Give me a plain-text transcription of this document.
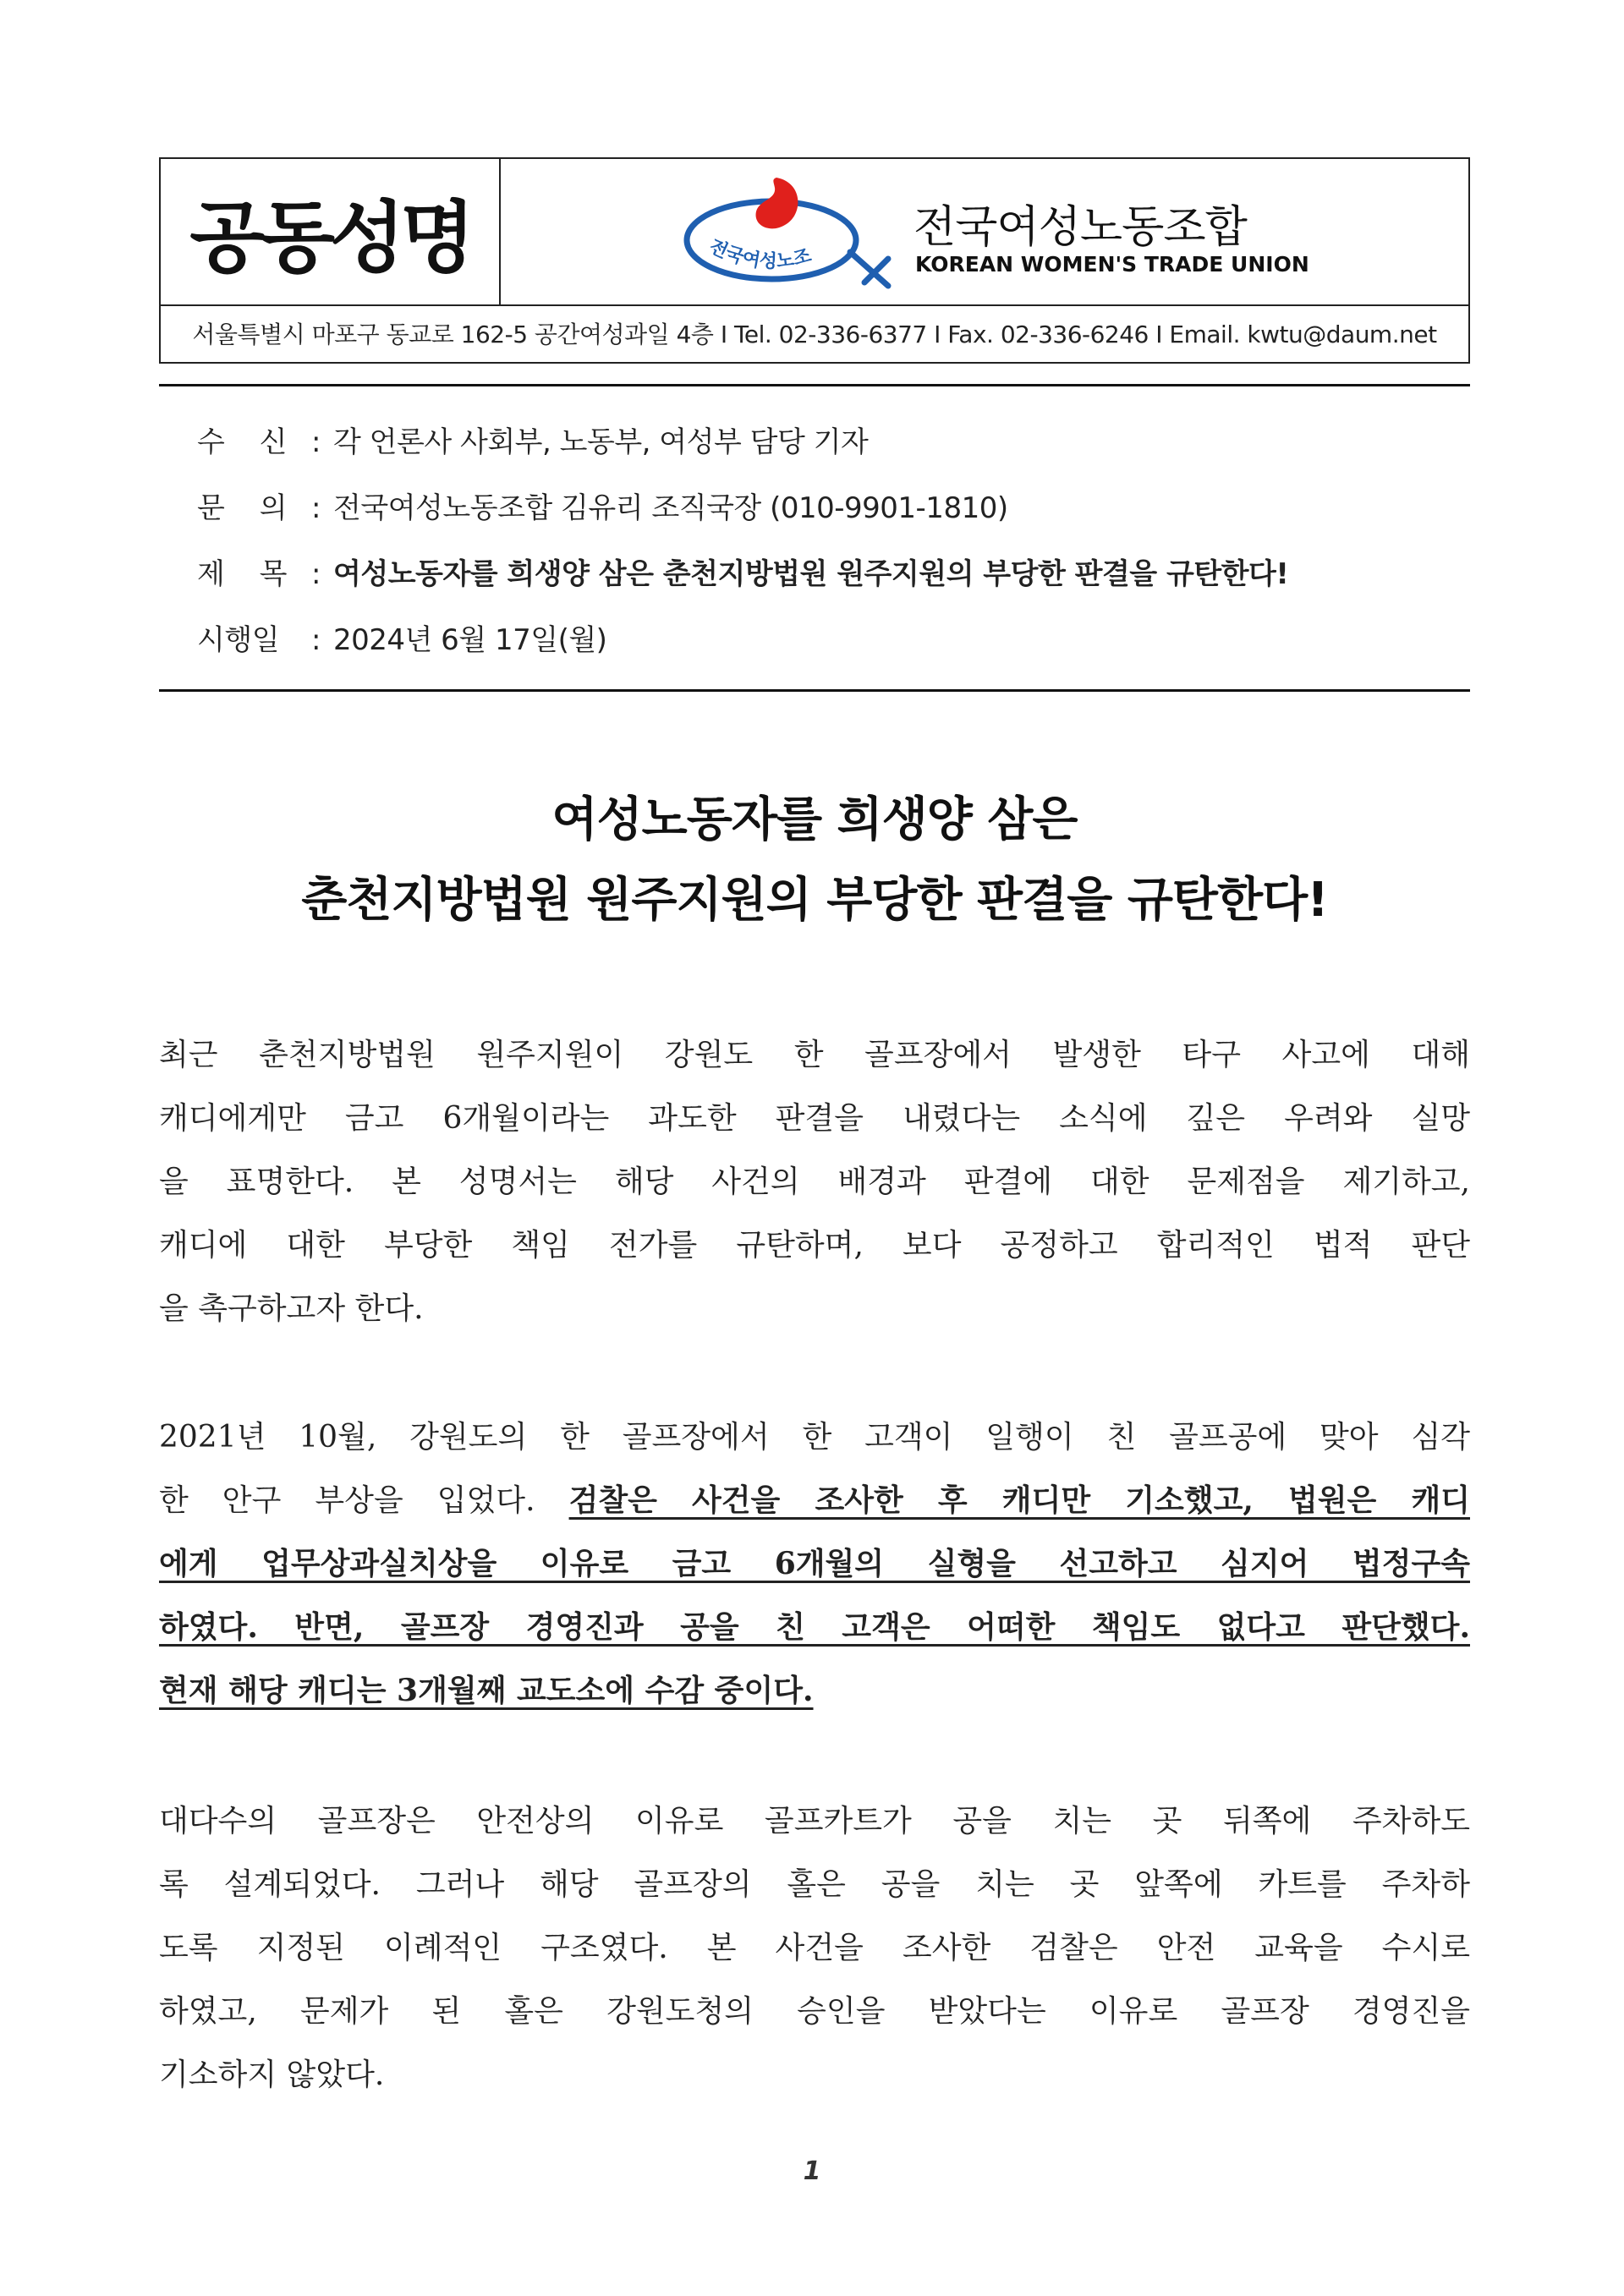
공동성명	전국여성노조
전국여성노동조합
KOREAN WOMEN'S TRADE UNION
서울특별시 마포구 동교로 162-5 공간여성과일 4층 I Tel. 02-336-6377 I Fax. 02-336-6246 I Email. kwtu@daum.net
수    신 : 각 언론사 사회부, 노동부, 여성부 담당 기자
문    의 : 전국여성노동조합 김유리 조직국장 (010-9901-1810)
제    목 : 여성노동자를 희생양 삼은 춘천지방법원 원주지원의 부당한 판결을 규탄한다!
시행일 : 2024년 6월 17일(월)
여성노동자를 희생양 삼은
춘천지방법원 원주지원의 부당한 판결을 규탄한다!
최근 춘천지방법원 원주지원이 강원도 한 골프장에서 발생한 타구 사고에 대해
캐디에게만 금고 6개월이라는 과도한 판결을 내렸다는 소식에 깊은 우려와 실망
을 표명한다. 본 성명서는 해당 사건의 배경과 판결에 대한 문제점을 제기하고,
캐디에 대한 부당한 책임 전가를 규탄하며, 보다 공정하고 합리적인 법적 판단
을 촉구하고자 한다.
2021년 10월, 강원도의 한 골프장에서 한 고객이 일행이 친 골프공에 맞아 심각
한 안구 부상을 입었다. 검찰은 사건을 조사한 후 캐디만 기소했고, 법원은 캐디
에게 업무상과실치상을 이유로 금고 6개월의 실형을 선고하고 심지어 법정구속
하였다. 반면, 골프장 경영진과 공을 친 고객은 어떠한 책임도 없다고 판단했다.
현재 해당 캐디는 3개월째 교도소에 수감 중이다.
대다수의 골프장은 안전상의 이유로 골프카트가 공을 치는 곳 뒤쪽에 주차하도
록 설계되었다. 그러나 해당 골프장의 홀은 공을 치는 곳 앞쪽에 카트를 주차하
도록 지정된 이례적인 구조였다. 본 사건을 조사한 검찰은 안전 교육을 수시로
하였고, 문제가 된 홀은 강원도청의 승인을 받았다는 이유로 골프장 경영진을
기소하지 않았다.
1
